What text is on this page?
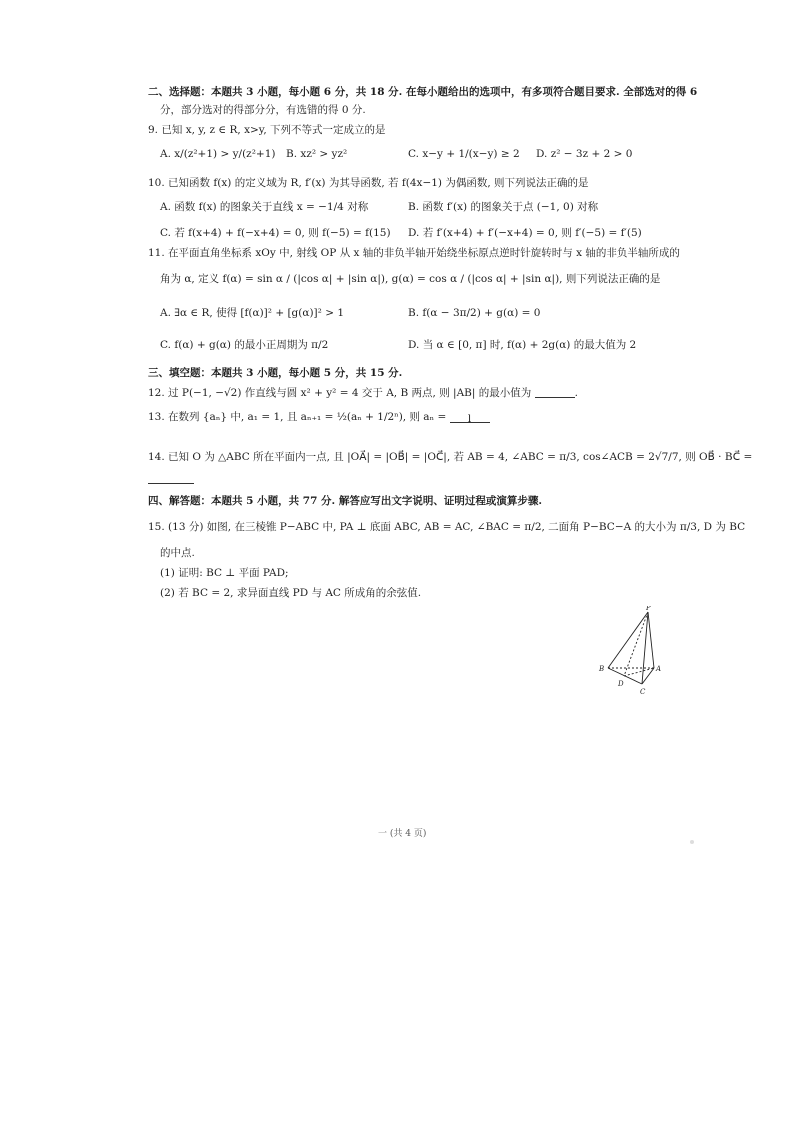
二、选择题：本题共 3 小题，每小题 6 分，共 18 分. 在每小题给出的选项中，有多项符合题目要求. 全部选对的得 6
分，部分选对的得部分分，有选错的得 0 分.
9. 已知 x, y, z ∈ R, x>y, 下列不等式一定成立的是
A. x/(z²+1) > y/(z²+1) B. xz² > yz²	C. x−y + 1/(x−y) ≥ 2 D. z² − 3z + 2 > 0
10. 已知函数 f(x) 的定义域为 R, f′(x) 为其导函数, 若 f(4x−1) 为偶函数, 则下列说法正确的是
A. 函数 f(x) 的图象关于直线 x = −1/4 对称	B. 函数 f′(x) 的图象关于点 (−1, 0) 对称
C. 若 f(x+4) + f(−x+4) = 0, 则 f(−5) = f(15) D. 若 f′(x+4) + f′(−x+4) = 0, 则 f′(−5) = f′(5)
11. 在平面直角坐标系 xOy 中, 射线 OP 从 x 轴的非负半轴开始绕坐标原点逆时针旋转时与 x 轴的非负半轴所成的
角为 α, 定义 f(α) = sin α / (|cos α| + |sin α|), g(α) = cos α / (|cos α| + |sin α|), 则下列说法正确的是
A. ∃α ∈ R, 使得 [f(α)]² + [g(α)]² > 1	B. f(α − 3π/2) + g(α) = 0
C. f(α) + g(α) 的最小正周期为 π/2	D. 当 α ∈ [0, π] 时, f(α) + 2g(α) 的最大值为 2
三、填空题：本题共 3 小题，每小题 5 分，共 15 分.
12. 过 P(−1, −√2) 作直线与圆 x² + y² = 4 交于 A, B 两点, 则 |AB| 的最小值为	.
13. 在数列 {aₙ} 中, a₁ = 1, 且 aₙ₊₁ = ½(aₙ + 1/2ⁿ), 则 aₙ = l
14. 已知 O 为 △ABC 所在平面内一点, 且 |OA⃗| = |OB⃗| = |OC⃗|, 若 AB = 4, ∠ABC = π/3, cos∠ACB = 2√7/7, 则 OB⃗ · BC⃗ =
四、解答题：本题共 5 小题，共 77 分. 解答应写出文字说明、证明过程或演算步骤.
15. (13 分) 如图, 在三棱锥 P−ABC 中, PA ⊥ 底面 ABC, AB = AC, ∠BAC = π/2, 二面角 P−BC−A 的大小为 π/3, D 为 BC
的中点.
(1) 证明: BC ⊥ 平面 PAD;
(2) 若 BC = 2, 求异面直线 PD 与 AC 所成角的余弦值.
P
B	A
D
C
一 (共 4 页)
